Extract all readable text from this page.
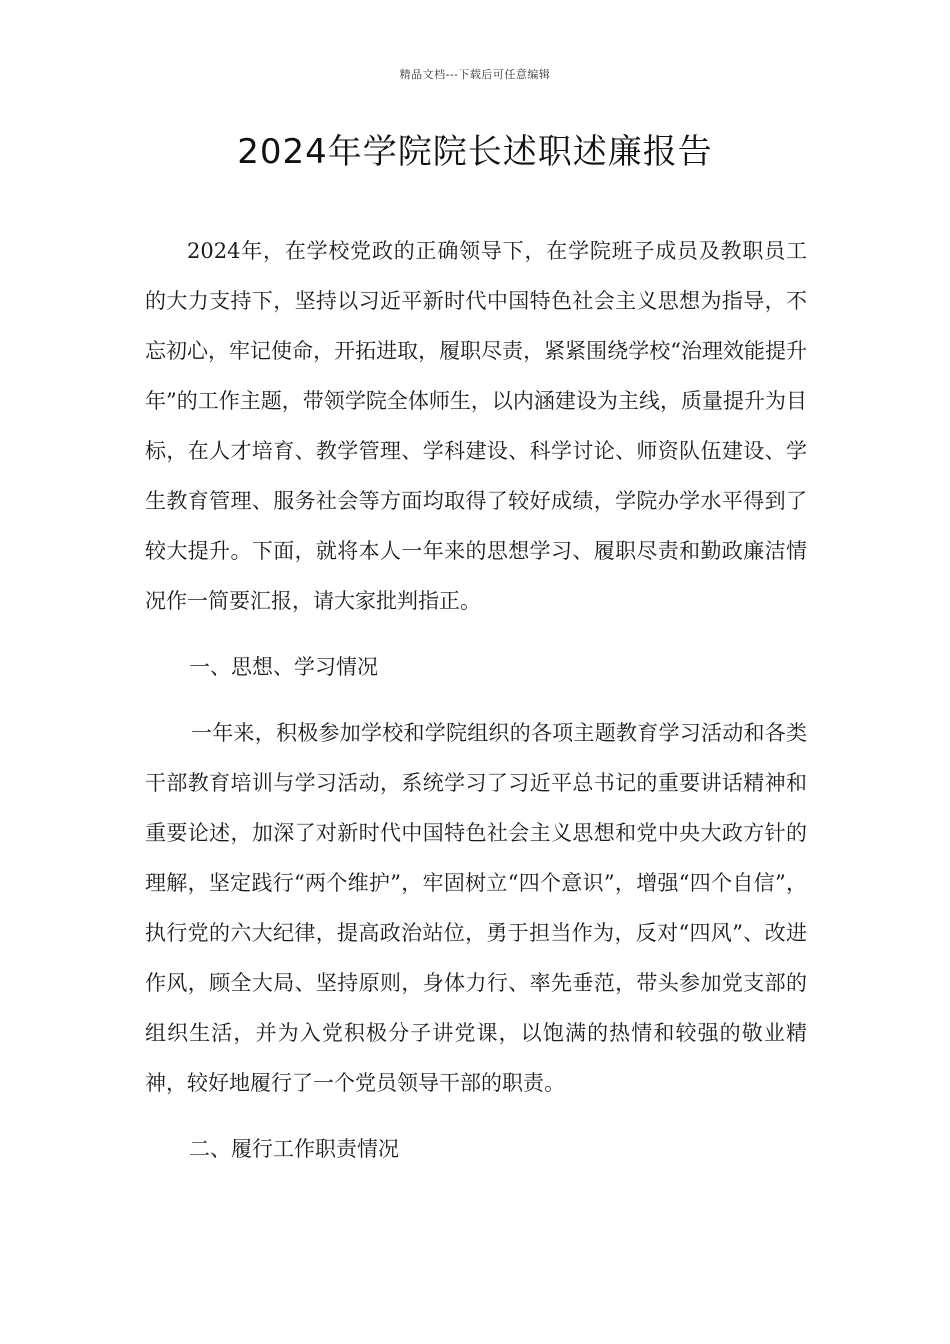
精品文档---下载后可任意编辑
2024年学院院长述职述廉报告

2024年，在学校党政的正确领导下，在学院班子成员及教职员工的大力支持下，坚持以习近平新时代中国特色社会主义思想为指导，不忘初心，牢记使命，开拓进取，履职尽责，紧紧围绕学校“治理效能提升年”的工作主题，带领学院全体师生，以内涵建设为主线，质量提升为目标，在人才培育、教学管理、学科建设、科学讨论、师资队伍建设、学生教育管理、服务社会等方面均取得了较好成绩，学院办学水平得到了较大提升。下面，就将本人一年来的思想学习、履职尽责和勤政廉洁情况作一简要汇报，请大家批判指正。

一、思想、学习情况

一年来，积极参加学校和学院组织的各项主题教育学习活动和各类干部教育培训与学习活动，系统学习了习近平总书记的重要讲话精神和重要论述，加深了对新时代中国特色社会主义思想和党中央大政方针的理解，坚定践行“两个维护”，牢固树立“四个意识”，增强“四个自信”，执行党的六大纪律，提高政治站位，勇于担当作为，反对“四风”、改进作风，顾全大局、坚持原则，身体力行、率先垂范，带头参加党支部的组织生活，并为入党积极分子讲党课，以饱满的热情和较强的敬业精神，较好地履行了一个党员领导干部的职责。

二、履行工作职责情况
